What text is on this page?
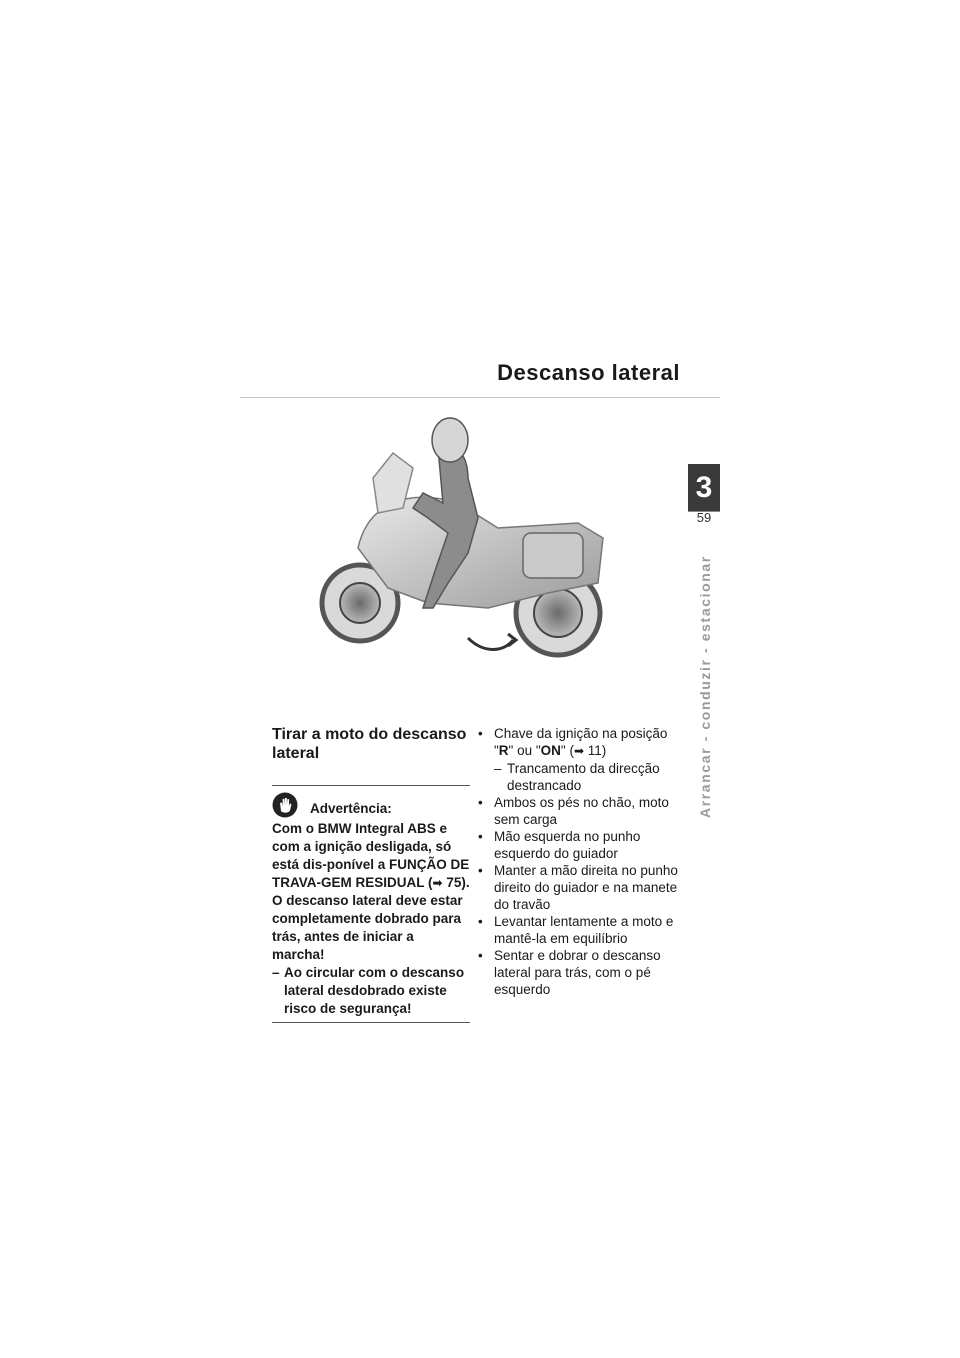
Descanso lateral
3
59
Arrancar - conduzir - estacionar
Tirar a moto do descanso lateral
Advertência:

Com o BMW Integral ABS e com a ignição desligada, só está dis-ponível a FUNÇÃO DE TRAVA-GEM RESIDUAL (➡ 75).

O descanso lateral deve estar completamente dobrado para trás, antes de iniciar a marcha!

– Ao circular com o descanso lateral desdobrado existe risco de segurança!

• Chave da ignição na posição "R" ou "ON" (➡ 11)
– Trancamento da direcção destrancado
• Ambos os pés no chão, moto sem carga
• Mão esquerda no punho esquerdo do guiador
• Manter a mão direita no punho direito do guiador e na manete do travão
• Levantar lentamente a moto e mantê-la em equilíbrio
• Sentar e dobrar o descanso lateral para trás, com o pé esquerdo
